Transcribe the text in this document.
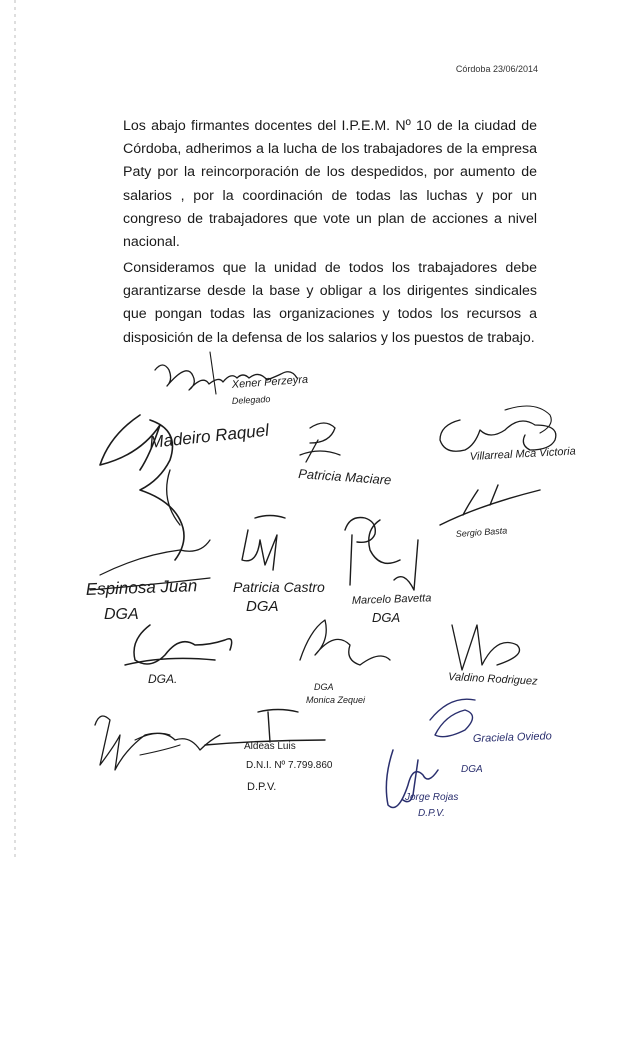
Córdoba 23/06/2014

Los abajo firmantes docentes del I.P.E.M. Nº 10 de la ciudad de Córdoba, adherimos a la lucha de los trabajadores de la empresa Paty por la reincorporación de los despedidos, por aumento de salarios , por la coordinación de todas las luchas y por un congreso de trabajadores que vote un plan de acciones a nivel nacional.

Consideramos que la unidad de todos los trabajadores debe garantizarse desde la base y obligar a los dirigentes sindicales que pongan todas las organizaciones y todos los recursos a disposición de la defensa de los salarios y los puestos de trabajo.

Xener Perzeyra
Delegado
Madeiro Raquel
Patricia Maciare
Villarreal Mca Victoria
Sergio Basta
Espinosa Juan
DGA
Patricia Castro
DGA	Marcelo Bavetta
DGA
DGA.
DGA
Monica Zequei
Valdino Rodriguez
Aldeas Luis
D.N.I. Nº 7.799.860
D.P.V.
Graciela Oviedo
DGA
Jorge Rojas
D.P.V.
